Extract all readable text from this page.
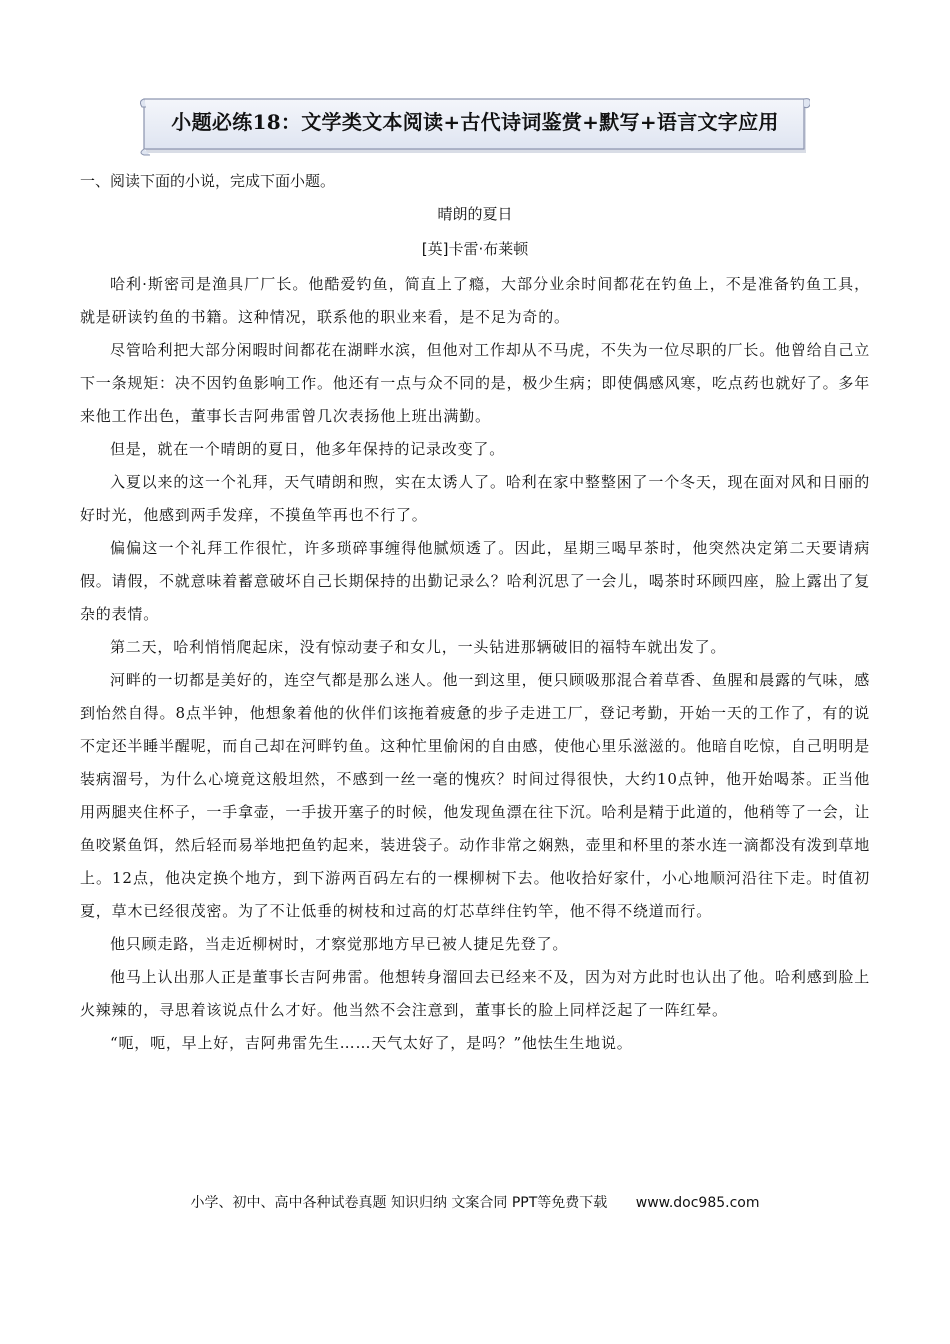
小题必练18：文学类文本阅读+古代诗词鉴赏+默写+语言文字应用
一、阅读下面的小说，完成下面小题。
晴朗的夏日
[英]卡雷·布莱顿

哈利·斯密司是渔具厂厂长。他酷爱钓鱼，简直上了瘾，大部分业余时间都花在钓鱼上，不是准备钓鱼工具，就是研读钓鱼的书籍。这种情况，联系他的职业来看，是不足为奇的。

尽管哈利把大部分闲暇时间都花在湖畔水滨，但他对工作却从不马虎，不失为一位尽职的厂长。他曾给自己立下一条规矩：决不因钓鱼影响工作。他还有一点与众不同的是，极少生病；即使偶感风寒，吃点药也就好了。多年来他工作出色，董事长吉阿弗雷曾几次表扬他上班出满勤。

但是，就在一个晴朗的夏日，他多年保持的记录改变了。

入夏以来的这一个礼拜，天气晴朗和煦，实在太诱人了。哈利在家中整整困了一个冬天，现在面对风和日丽的好时光，他感到两手发痒，不摸鱼竿再也不行了。

偏偏这一个礼拜工作很忙，许多琐碎事缠得他腻烦透了。因此，星期三喝早茶时，他突然决定第二天要请病假。请假，不就意味着蓄意破坏自己长期保持的出勤记录么？哈利沉思了一会儿，喝茶时环顾四座，脸上露出了复杂的表情。

第二天，哈利悄悄爬起床，没有惊动妻子和女儿，一头钻进那辆破旧的福特车就出发了。

河畔的一切都是美好的，连空气都是那么迷人。他一到这里，便只顾吸那混合着草香、鱼腥和晨露的气味，感到怡然自得。8点半钟，他想象着他的伙伴们该拖着疲惫的步子走进工厂，登记考勤，开始一天的工作了，有的说不定还半睡半醒呢，而自己却在河畔钓鱼。这种忙里偷闲的自由感，使他心里乐滋滋的。他暗自吃惊，自己明明是装病溜号，为什么心境竟这般坦然，不感到一丝一毫的愧疚？时间过得很快，大约10点钟，他开始喝茶。正当他用两腿夹住杯子，一手拿壶，一手拔开塞子的时候，他发现鱼漂在往下沉。哈利是精于此道的，他稍等了一会，让鱼咬紧鱼饵，然后轻而易举地把鱼钓起来，装进袋子。动作非常之娴熟，壶里和杯里的茶水连一滴都没有泼到草地上。12点，他决定换个地方，到下游两百码左右的一棵柳树下去。他收拾好家什，小心地顺河沿往下走。时值初夏，草木已经很茂密。为了不让低垂的树枝和过高的灯芯草绊住钓竿，他不得不绕道而行。

他只顾走路，当走近柳树时，才察觉那地方早已被人捷足先登了。

他马上认出那人正是董事长吉阿弗雷。他想转身溜回去已经来不及，因为对方此时也认出了他。哈利感到脸上火辣辣的，寻思着该说点什么才好。他当然不会注意到，董事长的脸上同样泛起了一阵红晕。

“呃，呃，早上好，吉阿弗雷先生……天气太好了，是吗？”他怯生生地说。

小学、初中、高中各种试卷真题 知识归纳 文案合同 PPT等免费下载 www.doc985.com
